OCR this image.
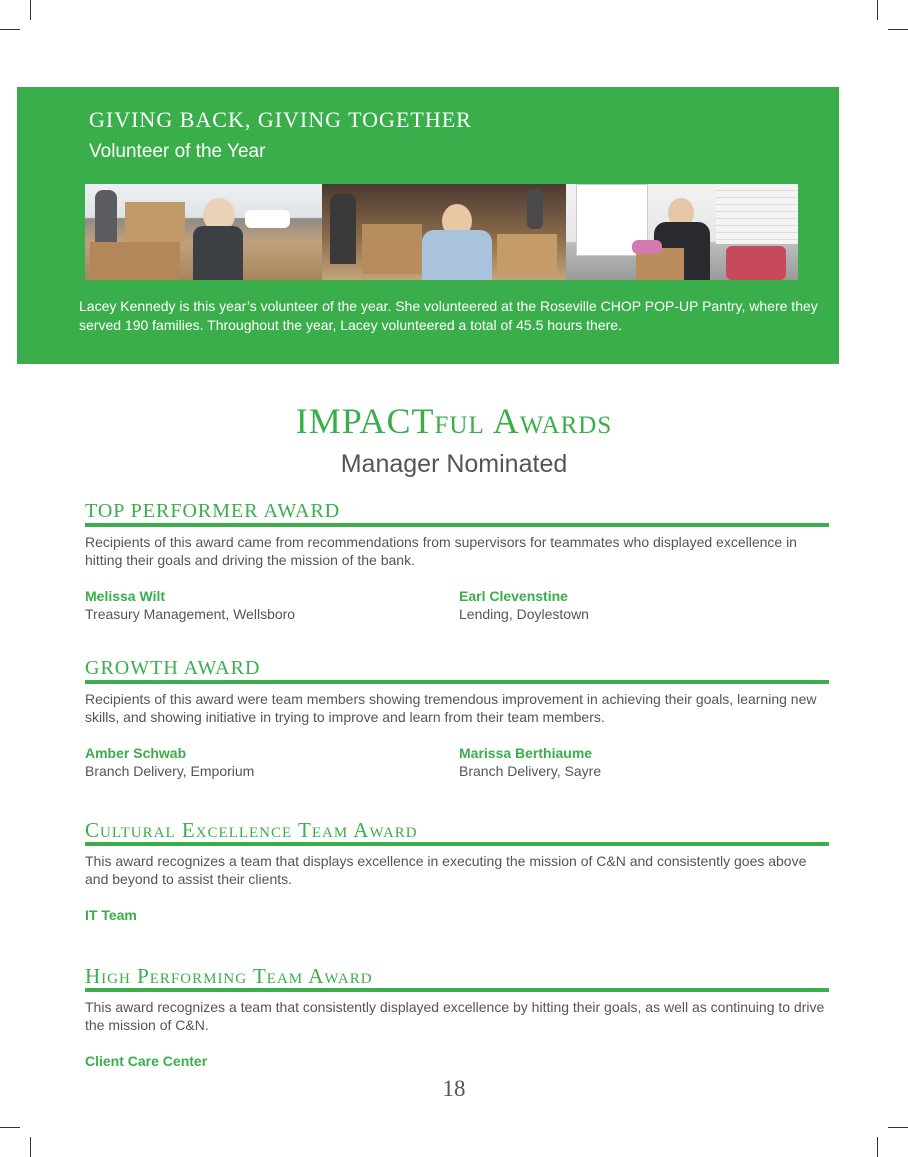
GIVING BACK, GIVING TOGETHER
Volunteer of the Year
Lacey Kennedy is this year’s volunteer of the year. She volunteered at the Roseville CHOP POP-UP Pantry, where they served 190 families. Throughout the year, Lacey volunteered a total of 45.5 hours there.
IMPACTful Awards
Manager Nominated
TOP PERFORMER AWARD
Recipients of this award came from recommendations from supervisors for teammates who displayed excellence in hitting their goals and driving the mission of the bank.
Melissa Wilt
Treasury Management, Wellsboro
Earl Clevenstine
Lending, Doylestown
GROWTH AWARD
Recipients of this award were team members showing tremendous improvement in achieving their goals, learning new skills, and showing initiative in trying to improve and learn from their team members.
Amber Schwab
Branch Delivery, Emporium
Marissa Berthiaume
Branch Delivery, Sayre
Cultural Excellence Team Award
This award recognizes a team that displays excellence in executing the mission of C&N and consistently goes above and beyond to assist their clients.
IT Team
High Performing Team Award
This award recognizes a team that consistently displayed excellence by hitting their goals, as well as continuing to drive the mission of C&N.
Client Care Center
18
